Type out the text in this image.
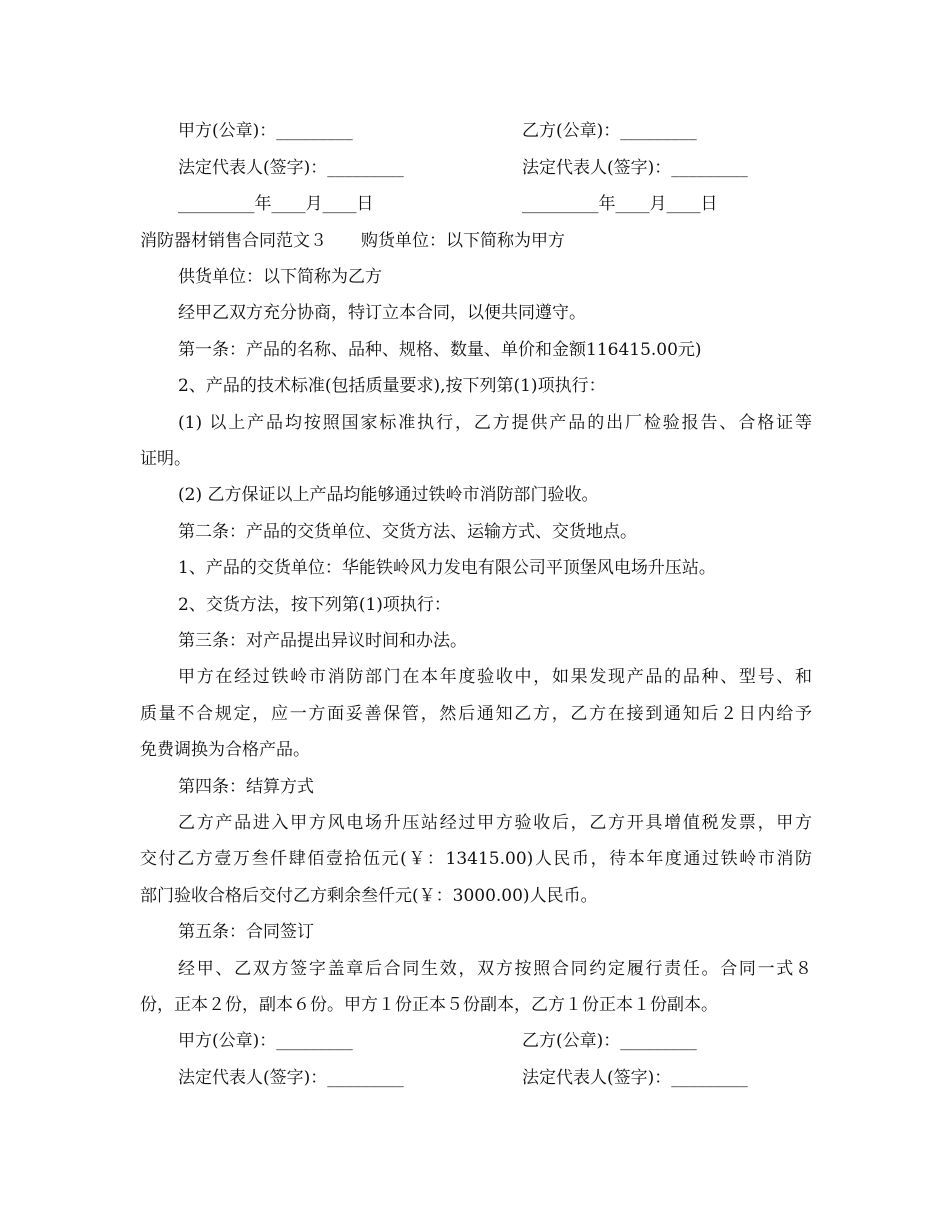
甲方(公章)：_________	乙方(公章)：_________
法定代表人(签字)：_________	法定代表人(签字)：_________
_________年____月____日	_________年____月____日
消防器材销售合同范文３　　购货单位：以下简称为甲方
供货单位：以下简称为乙方
经甲乙双方充分协商，特订立本合同，以便共同遵守。
第一条：产品的名称、品种、规格、数量、单价和金额116415.00元)
2、产品的技术标准(包括质量要求),按下列第(1)项执行：
(1) 以上产品均按照国家标准执行，乙方提供产品的出厂检验报告、合格证等
证明。
(2) 乙方保证以上产品均能够通过铁岭市消防部门验收。
第二条：产品的交货单位、交货方法、运输方式、交货地点。
1、产品的交货单位：华能铁岭风力发电有限公司平顶堡风电场升压站。
2、交货方法，按下列第(1)项执行：
第三条：对产品提出异议时间和办法。
甲方在经过铁岭市消防部门在本年度验收中，如果发现产品的品种、型号、和
质量不合规定，应一方面妥善保管，然后通知乙方，乙方在接到通知后２日内给予
免费调换为合格产品。
第四条：结算方式
乙方产品进入甲方风电场升压站经过甲方验收后，乙方开具增值税发票，甲方
交付乙方壹万叁仟肆佰壹拾伍元(￥：13415.00)人民币，待本年度通过铁岭市消防
部门验收合格后交付乙方剩余叁仟元(￥：3000.00)人民币。
第五条：合同签订
经甲、乙双方签字盖章后合同生效，双方按照合同约定履行责任。合同一式８
份，正本２份，副本６份。甲方１份正本５份副本，乙方１份正本１份副本。
甲方(公章)：_________	乙方(公章)：_________
法定代表人(签字)：_________	法定代表人(签字)：_________
